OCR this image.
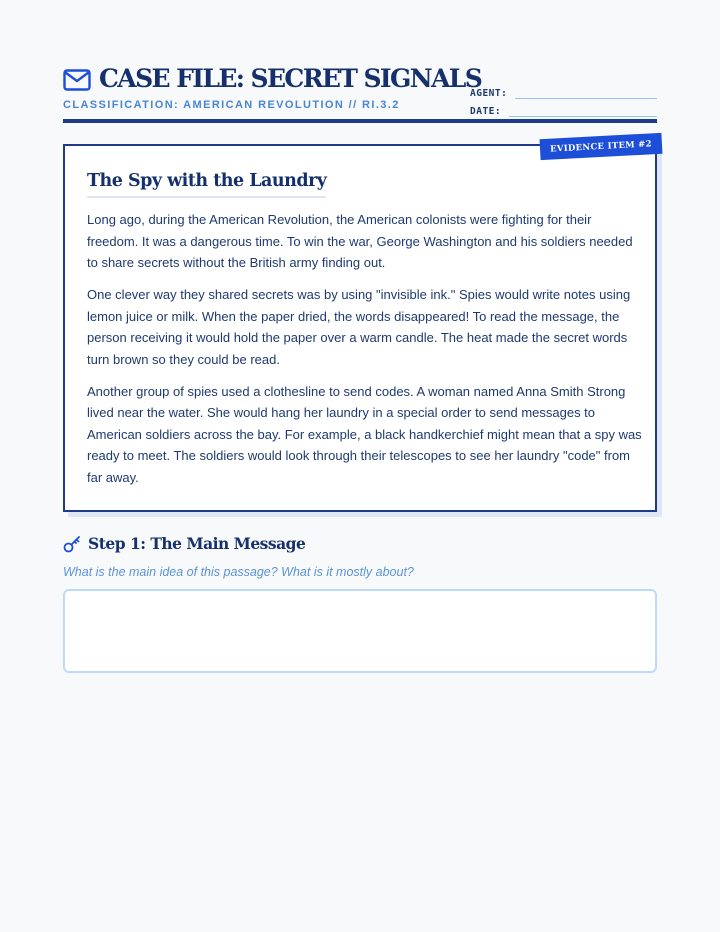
CASE FILE: SECRET SIGNALS
CLASSIFICATION: AMERICAN REVOLUTION // RI.3.2
AGENT:
DATE:
EVIDENCE ITEM #2
The Spy with the Laundry

Long ago, during the American Revolution, the American colonists were fighting for their freedom. It was a dangerous time. To win the war, George Washington and his soldiers needed to share secrets without the British army finding out.

One clever way they shared secrets was by using "invisible ink." Spies would write notes using lemon juice or milk. When the paper dried, the words disappeared! To read the message, the person receiving it would hold the paper over a warm candle. The heat made the secret words turn brown so they could be read.

Another group of spies used a clothesline to send codes. A woman named Anna Smith Strong lived near the water. She would hang her laundry in a special order to send messages to American soldiers across the bay. For example, a black handkerchief might mean that a spy was ready to meet. The soldiers would look through their telescopes to see her laundry "code" from far away.

Step 1: The Main Message
What is the main idea of this passage? What is it mostly about?
